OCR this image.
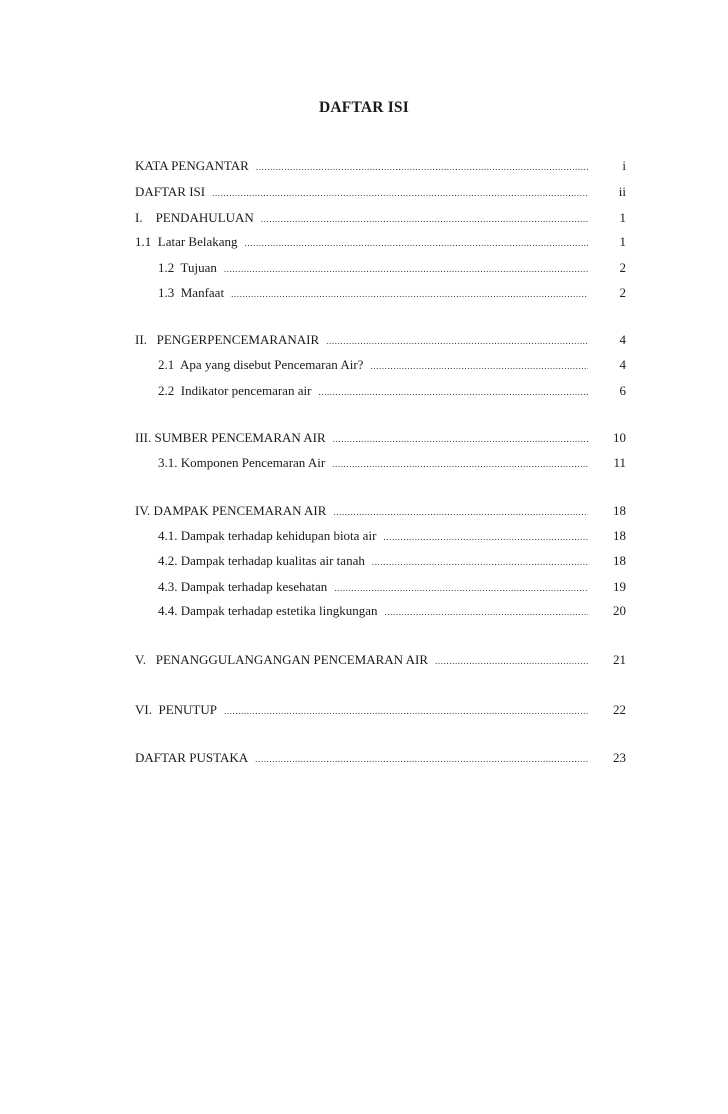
DAFTAR ISI
KATA PENGANTAR .....	i
DAFTAR ISI .....	ii
I.    PENDAHULUAN .....	1
1.1  Latar Belakang .....	1
1.2  Tujuan .....	2
1.3  Manfaat .....	2
II.   PENGERPENCEMARANAIR .....	4
2.1  Apa yang disebut Pencemaran Air? .....	4
2.2  Indikator pencemaran air .....	6
III. SUMBER PENCEMARAN AIR .....	10
3.1. Komponen Pencemaran Air .....	11
IV. DAMPAK PENCEMARAN AIR .....	18
4.1. Dampak terhadap kehidupan biota air .....	18
4.2. Dampak terhadap kualitas air tanah .....	18
4.3. Dampak terhadap kesehatan .....	19
4.4. Dampak terhadap estetika lingkungan .....	20
V.   PENANGGULANGANGAN PENCEMARAN AIR .....	21
VI.  PENUTUP .....	22
DAFTAR PUSTAKA .....	23
